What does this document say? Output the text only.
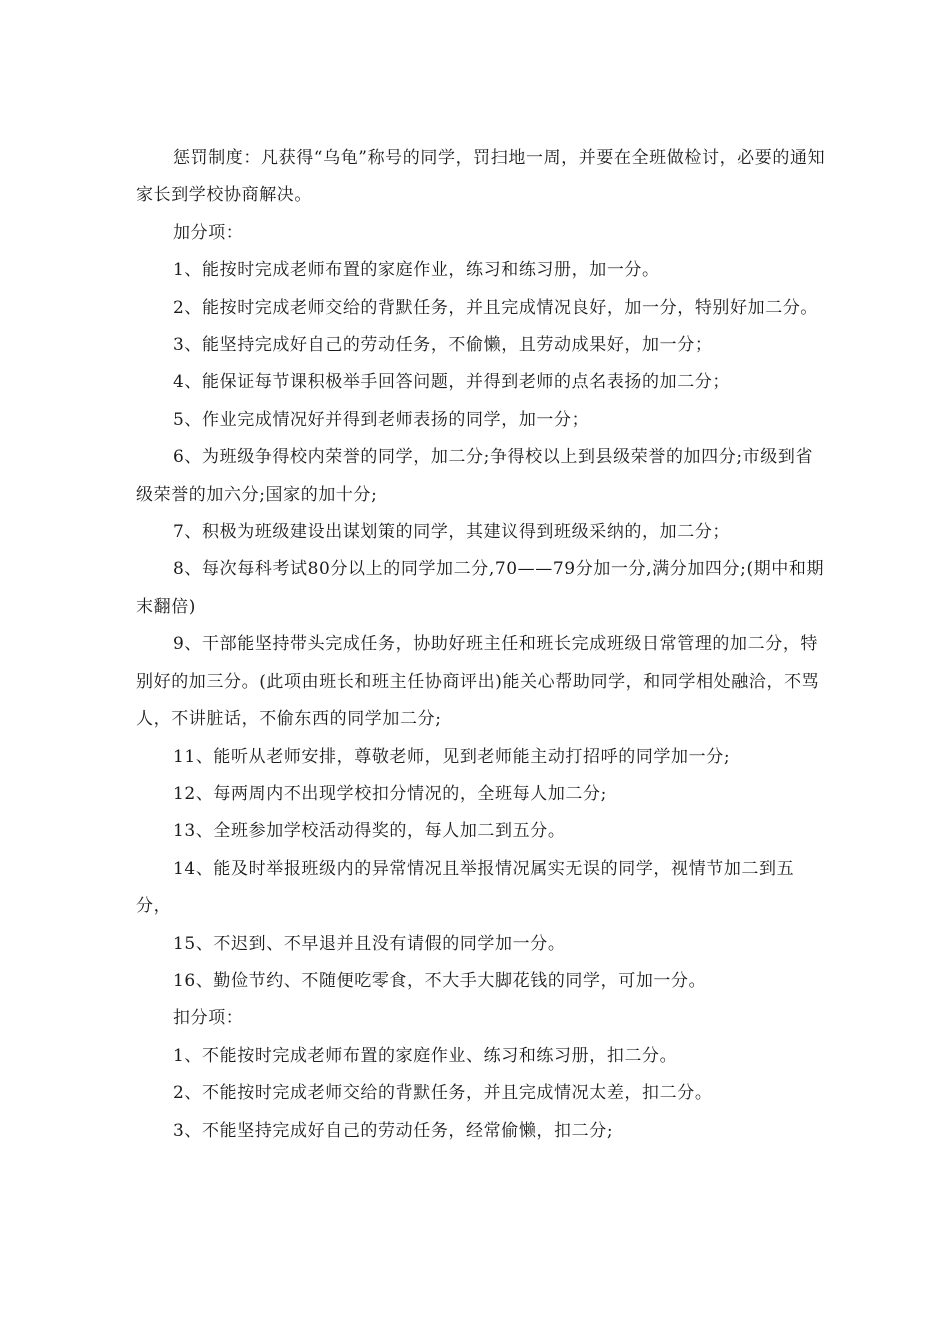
惩罚制度：凡获得“乌龟”称号的同学，罚扫地一周，并要在全班做检讨，必要的通知家长到学校协商解决。

加分项：

1、能按时完成老师布置的家庭作业，练习和练习册，加一分。

2、能按时完成老师交给的背默任务，并且完成情况良好，加一分，特别好加二分。

3、能坚持完成好自己的劳动任务，不偷懒，且劳动成果好，加一分；

4、能保证每节课积极举手回答问题，并得到老师的点名表扬的加二分；

5、作业完成情况好并得到老师表扬的同学，加一分；

6、为班级争得校内荣誉的同学，加二分;争得校以上到县级荣誉的加四分;市级到省级荣誉的加六分;国家的加十分;

7、积极为班级建设出谋划策的同学，其建议得到班级采纳的，加二分；

8、每次每科考试80分以上的同学加二分,70——79分加一分,满分加四分;(期中和期末翻倍)

9、干部能坚持带头完成任务，协助好班主任和班长完成班级日常管理的加二分，特别好的加三分。(此项由班长和班主任协商评出)能关心帮助同学，和同学相处融洽，不骂人，不讲脏话，不偷东西的同学加二分;

11、能听从老师安排，尊敬老师，见到老师能主动打招呼的同学加一分;

12、每两周内不出现学校扣分情况的，全班每人加二分;

13、全班参加学校活动得奖的，每人加二到五分。

14、能及时举报班级内的异常情况且举报情况属实无误的同学，视情节加二到五分，

15、不迟到、不早退并且没有请假的同学加一分。

16、勤俭节约、不随便吃零食，不大手大脚花钱的同学，可加一分。

扣分项：

1、不能按时完成老师布置的家庭作业、练习和练习册，扣二分。

2、不能按时完成老师交给的背默任务，并且完成情况太差，扣二分。

3、不能坚持完成好自己的劳动任务，经常偷懒，扣二分;
